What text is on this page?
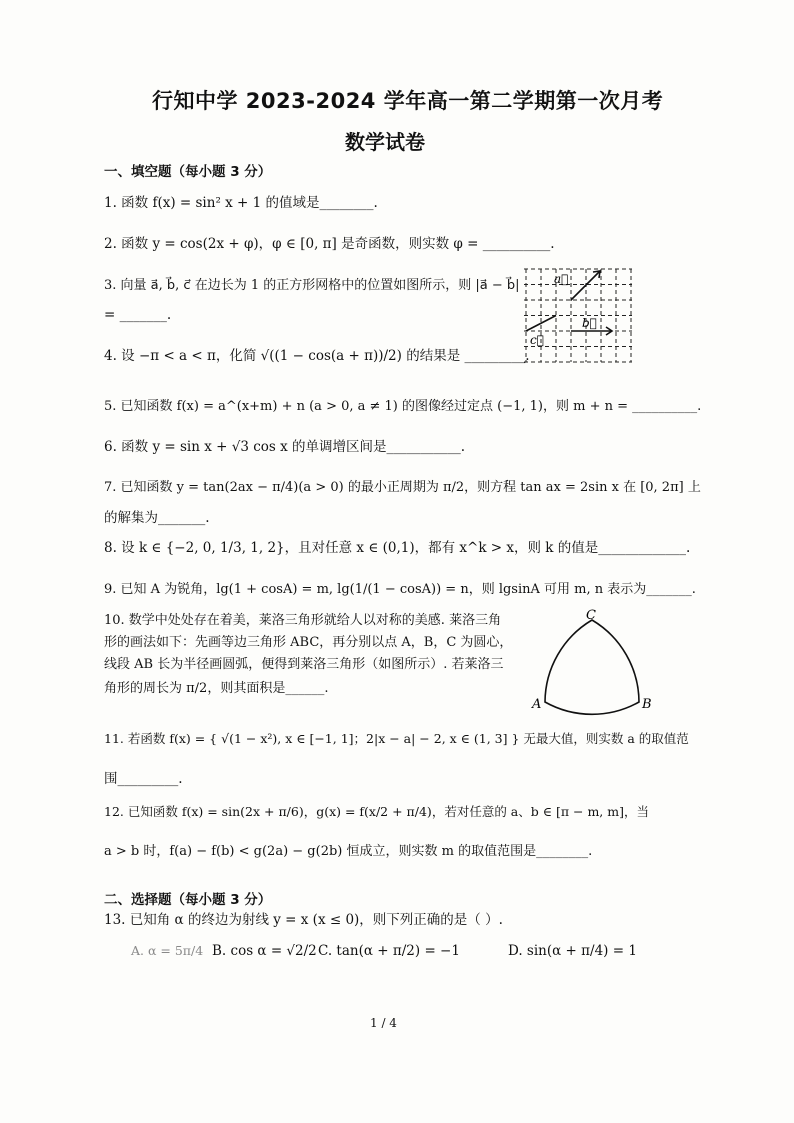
行知中学 2023-2024 学年高一第二学期第一次月考
数学试卷
一、填空题（每小题 3 分）
1. 函数 f(x) = sin² x + 1 的值域是________.
2. 函数 y = cos(2x + φ)，φ ∈ [0, π] 是奇函数，则实数 φ = __________.
3. 向量 a⃗, b⃗, c⃗ 在边长为 1 的正方形网格中的位置如图所示，则 |a⃗ − b⃗|
= _______.
a⃗
b⃗
c⃗
4. 设 −π < a < π，化简 √((1 − cos(a + π))/2) 的结果是 _________.
5. 已知函数 f(x) = a^(x+m) + n (a > 0, a ≠ 1) 的图像经过定点 (−1, 1)，则 m + n = __________.
6. 函数 y = sin x + √3 cos x 的单调增区间是___________.
7. 已知函数 y = tan(2ax − π/4)(a > 0) 的最小正周期为 π/2，则方程 tan ax = 2sin x 在 [0, 2π] 上
的解集为_______.
8. 设 k ∈ {−2, 0, 1/3, 1, 2}，且对任意 x ∈ (0,1)，都有 x^k > x，则 k 的值是_____________.
9. 已知 A 为锐角，lg(1 + cosA) = m, lg(1/(1 − cosA)) = n，则 lgsinA 可用 m, n 表示为_______.
10. 数学中处处存在着美，莱洛三角形就给人以对称的美感. 莱洛三角
形的画法如下：先画等边三角形 ABC，再分别以点 A，B，C 为圆心，
线段 AB 长为半径画圆弧，便得到莱洛三角形（如图所示）. 若莱洛三
角形的周长为 π/2，则其面积是______.
C
A	B
11. 若函数 f(x) = { √(1 − x²), x ∈ [−1, 1]；2|x − a| − 2, x ∈ (1, 3] } 无最大值，则实数 a 的取值范
围_________.
12. 已知函数 f(x) = sin(2x + π/6)，g(x) = f(x/2 + π/4)，若对任意的 a、b ∈ [π − m, m]，当
a > b 时，f(a) − f(b) < g(2a) − g(2b) 恒成立，则实数 m 的取值范围是________.
二、选择题（每小题 3 分）
13. 已知角 α 的终边为射线 y = x (x ≤ 0)，则下列正确的是（ ）.
A. α = 5π/4 B. cos α = √2/2 C. tan(α + π/2) = −1	D. sin(α + π/4) = 1
1 / 4
